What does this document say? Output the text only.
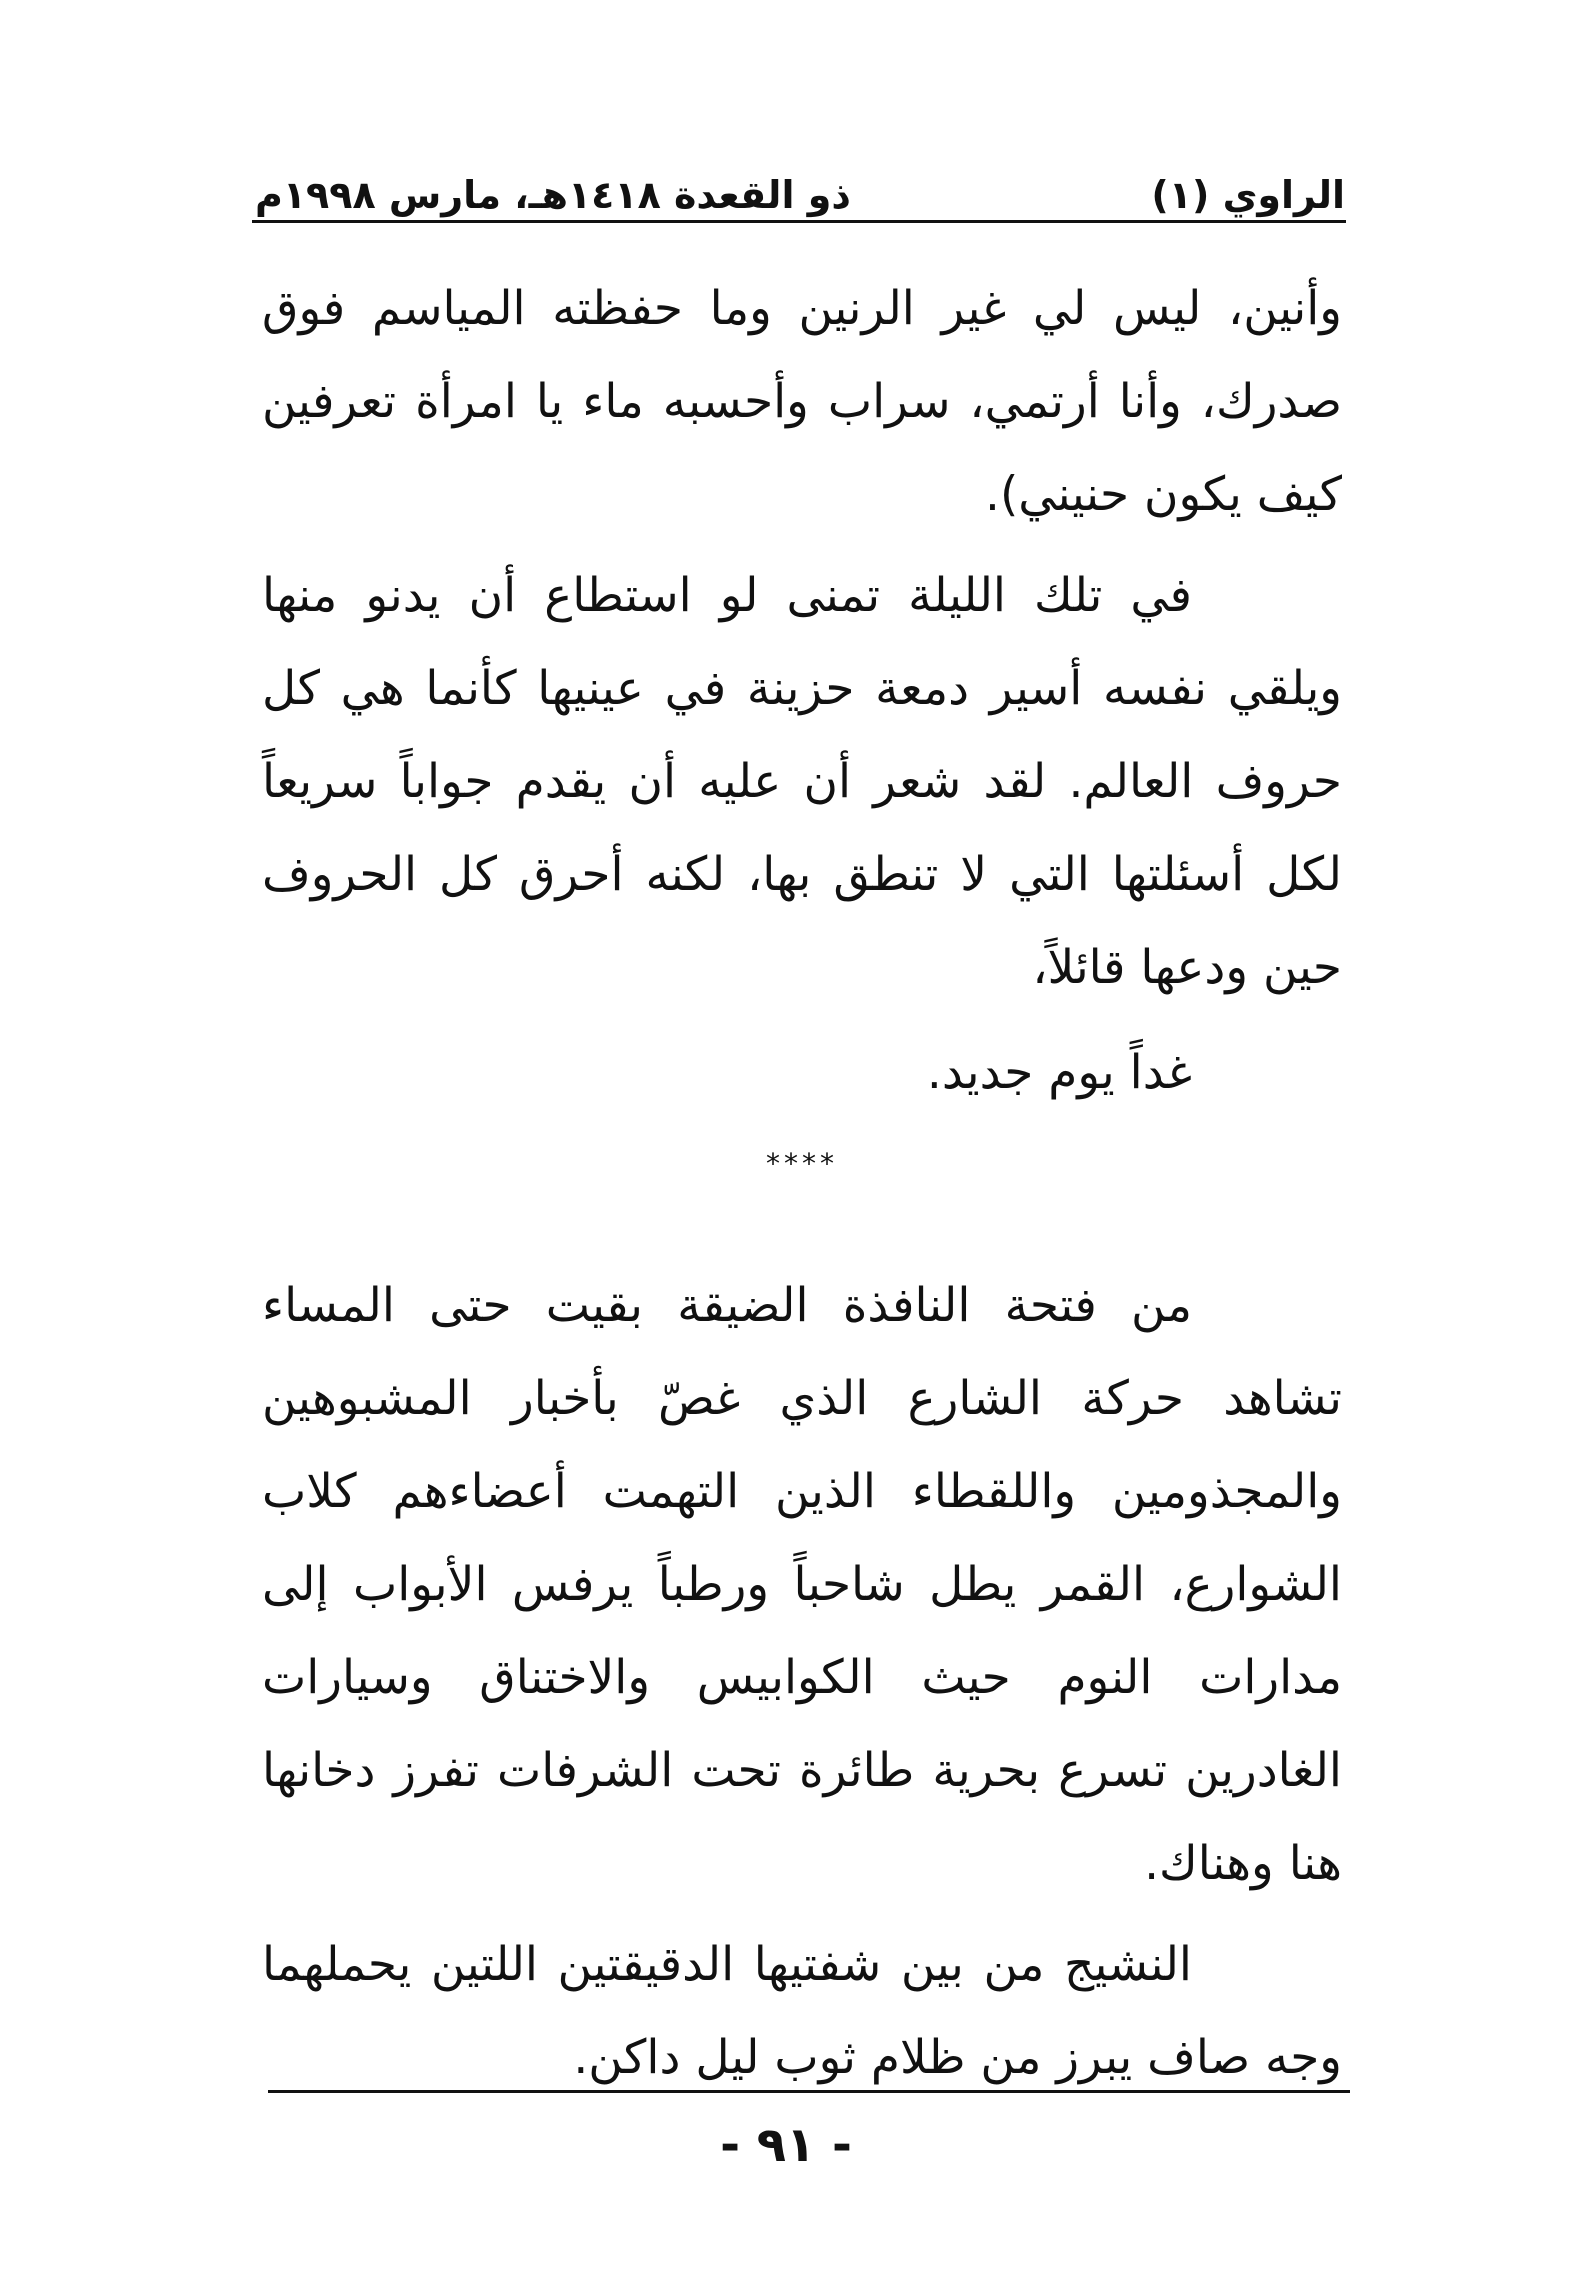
الراوي (١)
ذو القعدة ١٤١٨هـ، مارس ١٩٩٨م

وأنين، ليس لي غير الرنين وما حفظته المياسم فوق صدرك، وأنا أرتمي، سراب وأحسبه ماء يا امرأة تعرفين كيف يكون حنيني).

في تلك الليلة تمنى لو استطاع أن يدنو منها ويلقي نفسه أسير دمعة حزينة في عينيها كأنما هي كل حروف العالم. لقد شعر أن عليه أن يقدم جواباً سريعاً لكل أسئلتها التي لا تنطق بها، لكنه أحرق كل الحروف حين ودعها قائلاً،

غداً يوم جديد.

****

من فتحة النافذة الضيقة بقيت حتى المساء تشاهد حركة الشارع الذي غصّ بأخبار المشبوهين والمجذومين واللقطاء الذين التهمت أعضاءهم كلاب الشوارع، القمر يطل شاحباً ورطباً يرفس الأبواب إلى مدارات النوم حيث الكوابيس والاختناق وسيارات الغادرين تسرع بحرية طائرة تحت الشرفات تفرز دخانها هنا وهناك.

النشيج من بين شفتيها الدقيقتين اللتين يحملهما وجه صاف يبرز من ظلام ثوب ليل داكن.

- ٩١ -
